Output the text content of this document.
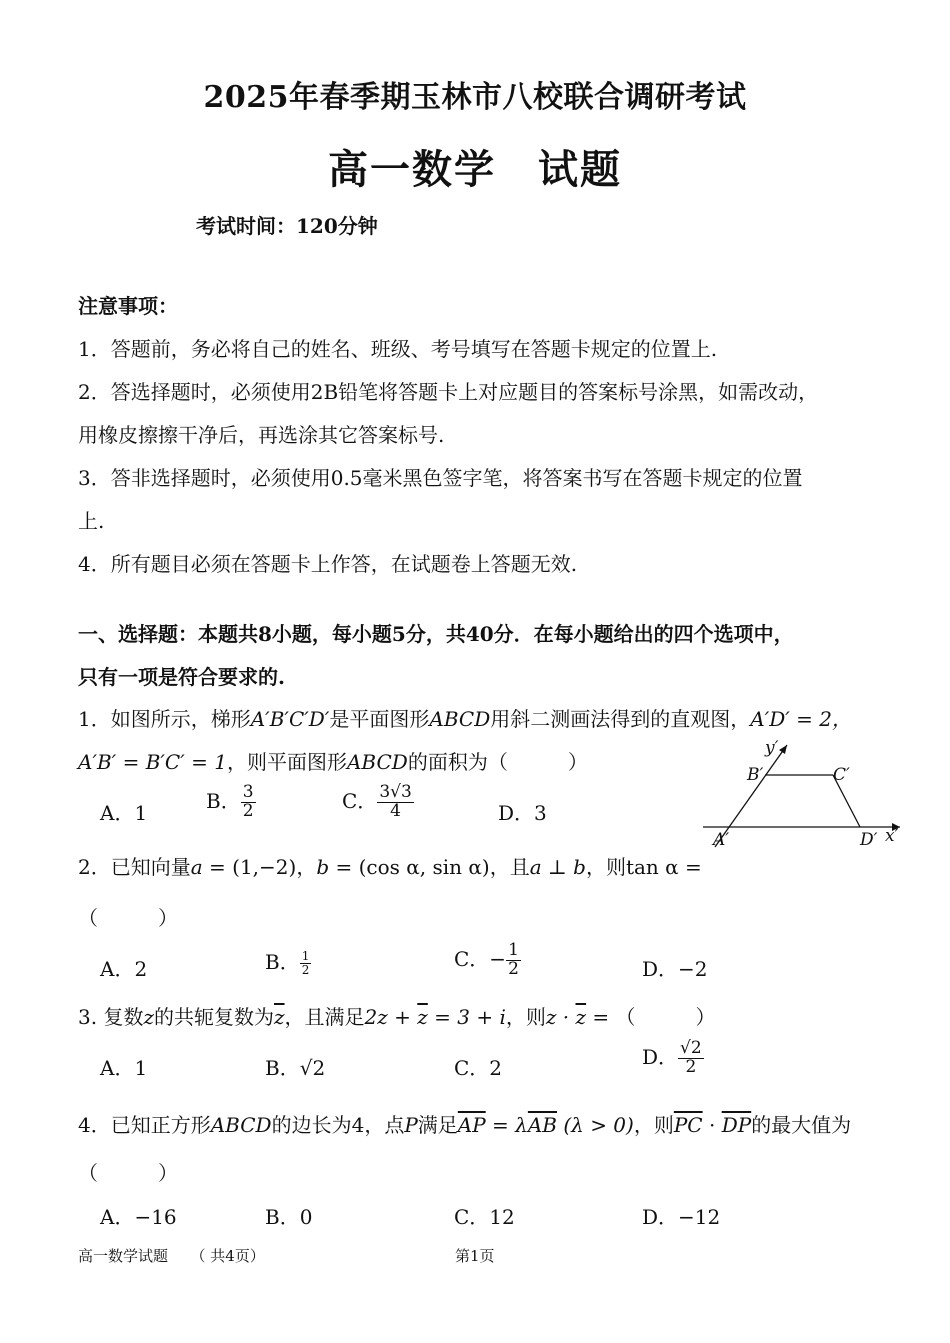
2025年春季期玉林市八校联合调研考试
高一数学　试题
考试时间：120分钟
注意事项：
1．答题前，务必将自己的姓名、班级、考号填写在答题卡规定的位置上.
2．答选择题时，必须使用2B铅笔将答题卡上对应题目的答案标号涂黑，如需改动，
用橡皮擦擦干净后，再选涂其它答案标号.
3．答非选择题时，必须使用0.5毫米黑色签字笔，将答案书写在答题卡规定的位置
上.
4．所有题目必须在答题卡上作答，在试题卷上答题无效.
一、选择题：本题共8小题，每小题5分，共40分．在每小题给出的四个选项中，
只有一项是符合要求的.
1．如图所示，梯形A′B′C′D′是平面图形ABCD用斜二测画法得到的直观图，A′D′ = 2，
A′B′ = B′C′ = 1，则平面图形ABCD的面积为（　　　）
A．1
B． $\frac{3}{2}$	C． $\frac{3√3}{4}$	D．3
y′
B′	C′
A′	D′ x′
2．已知向量a = (1,−2)，b = (cos α, sin α)，且a ⊥ b，则tan α =
（　　　）
A．2	B． $\frac{1}{2}$	C．− $\frac{1}{2}$	D．−2
3. 复数z的共轭复数为$\overline{z}$，且满足$2z + \overline{z} = 3 + i$，则$z \cdot \overline{z}$ = （　　　）
A．1	B．√2	C．2	D． $\frac{√2}{2}$
4．已知正方形ABCD的边长为4，点P满足$\overline{AP} = \lambda\overline{AB}$ (λ > 0)，则$\overline{PC} \cdot \overline{DP}$的最大值为
（　　　）
A．−16	B．0	C．12	D．−12
高一数学试题　　（ 共4页）	第1页
